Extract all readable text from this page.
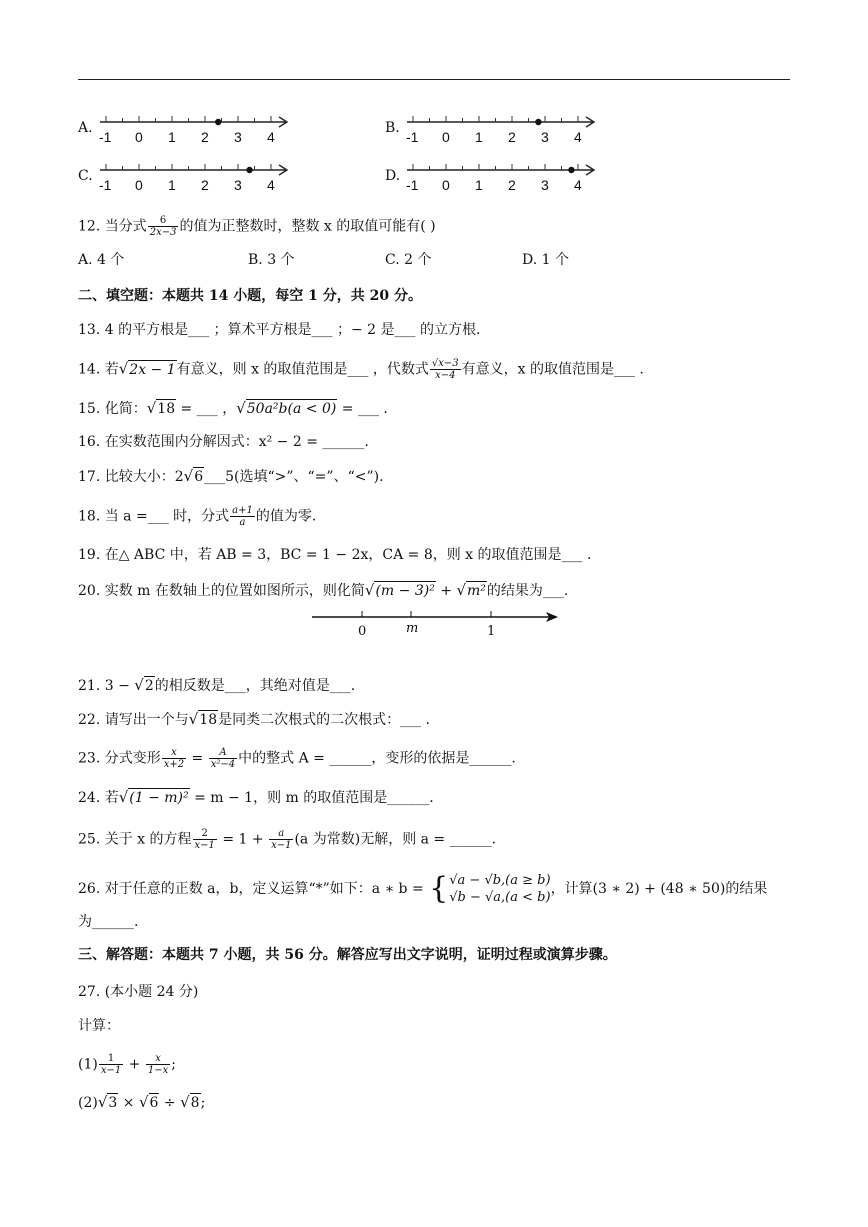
A.
-1 0 1 2 3 4
B.
-1 0 1 2 3 4
C.
-1 0 1 2 3 4
D.
-1 0 1 2 3 4
12. 当分式 $\frac{6}{2x-3}$ 的值为正整数时，整数 x 的取值可能有( )
A. 4 个	B. 3 个	C. 2 个	D. 1 个
二、填空题：本题共 14 小题，每空 1 分，共 20 分。
13. 4 的平方根是___ ；算术平方根是___ ；− 2 是___ 的立方根.
14. 若√2x − 1有意义，则 x 的取值范围是___ ，代数式 $\frac{√x-3}{x-4}$ 有意义，x 的取值范围是___ .
15. 化简：√18 = ___ ，√50a²b(a < 0) = ___ .
16. 在实数范围内分解因式：x² − 2 = ______.
17. 比较大小：2√6___5(选填“>”、“=”、“<”).
18. 当 a =___ 时，分式 $\frac{a+1}{a}$ 的值为零.
19. 在△ ABC 中，若 AB = 3，BC = 1 − 2x，CA = 8，则 x 的取值范围是___ .
20. 实数 m 在数轴上的位置如图所示，则化简√(m − 3)² + √m²的结果为___.
0	m	1
21. 3 − √2的相反数是___，其绝对值是___.
22. 请写出一个与√18是同类二次根式的二次根式：___ .
23. 分式变形 $\frac{x}{x+2} = \frac{A}{\text{x²−4}}$ 中的整式 A = ______，变形的依据是______.
24. 若√(1 − m)² = m − 1，则 m 的取值范围是______.
25. 关于 x 的方程 $\frac{2}{x-1} = 1 + \frac{a}{x-1} (a$ 为常数)无解，则 a = ______.
26. 对于任意的正数 a，b，定义运算“*”如下：a ∗ b = { √a − √b,(a ≥ b)
√b − √a,(a < b)
，计算(3 ∗ 2) + (48 ∗ 50)的结果
为______.
三、解答题：本题共 7 小题，共 56 分。解答应写出文字说明，证明过程或演算步骤。
27. (本小题 24 分)
计算：
$(1) \frac{1}{x-1} + \frac{x}{1-x}$ ;
(2)√3 × √6 ÷ √8;
